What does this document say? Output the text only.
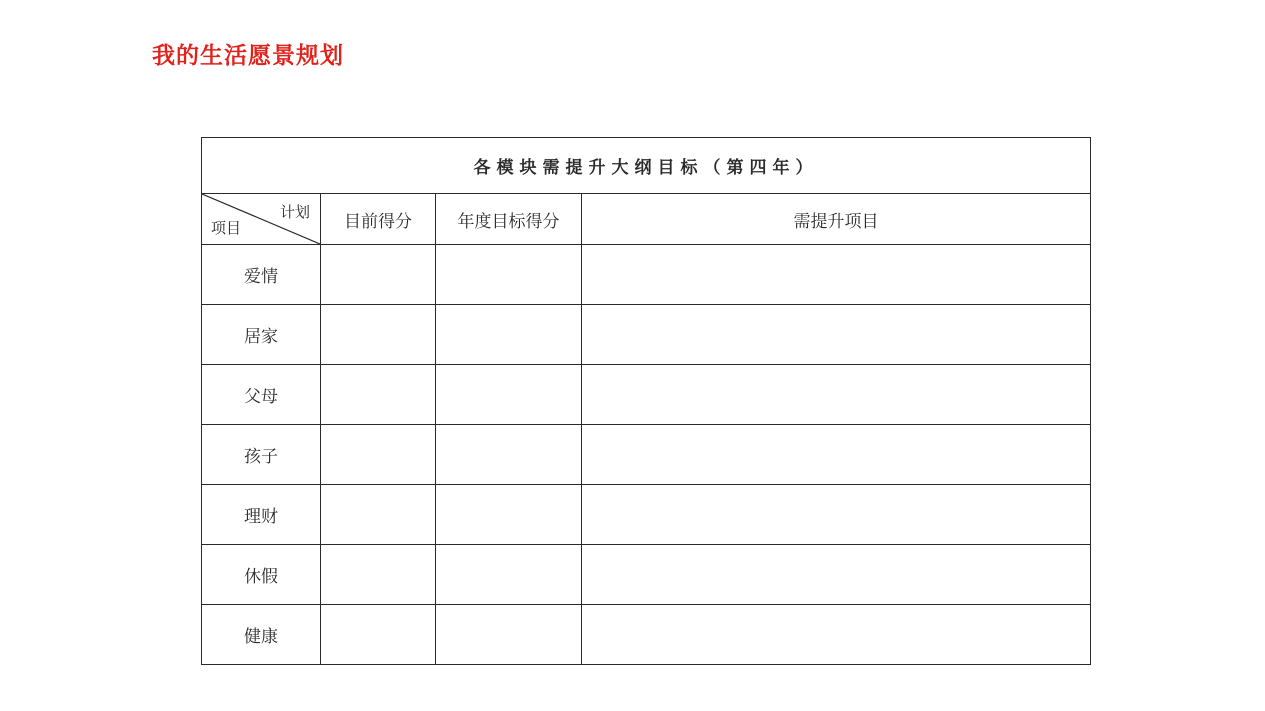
我的生活愿景规划
各模块需提升大纲目标（第四年）			

计划
项目	目前得分	年度目标得分	需提升项目
爱情			
居家			
父母			
孩子			
理财			
休假			
健康			
